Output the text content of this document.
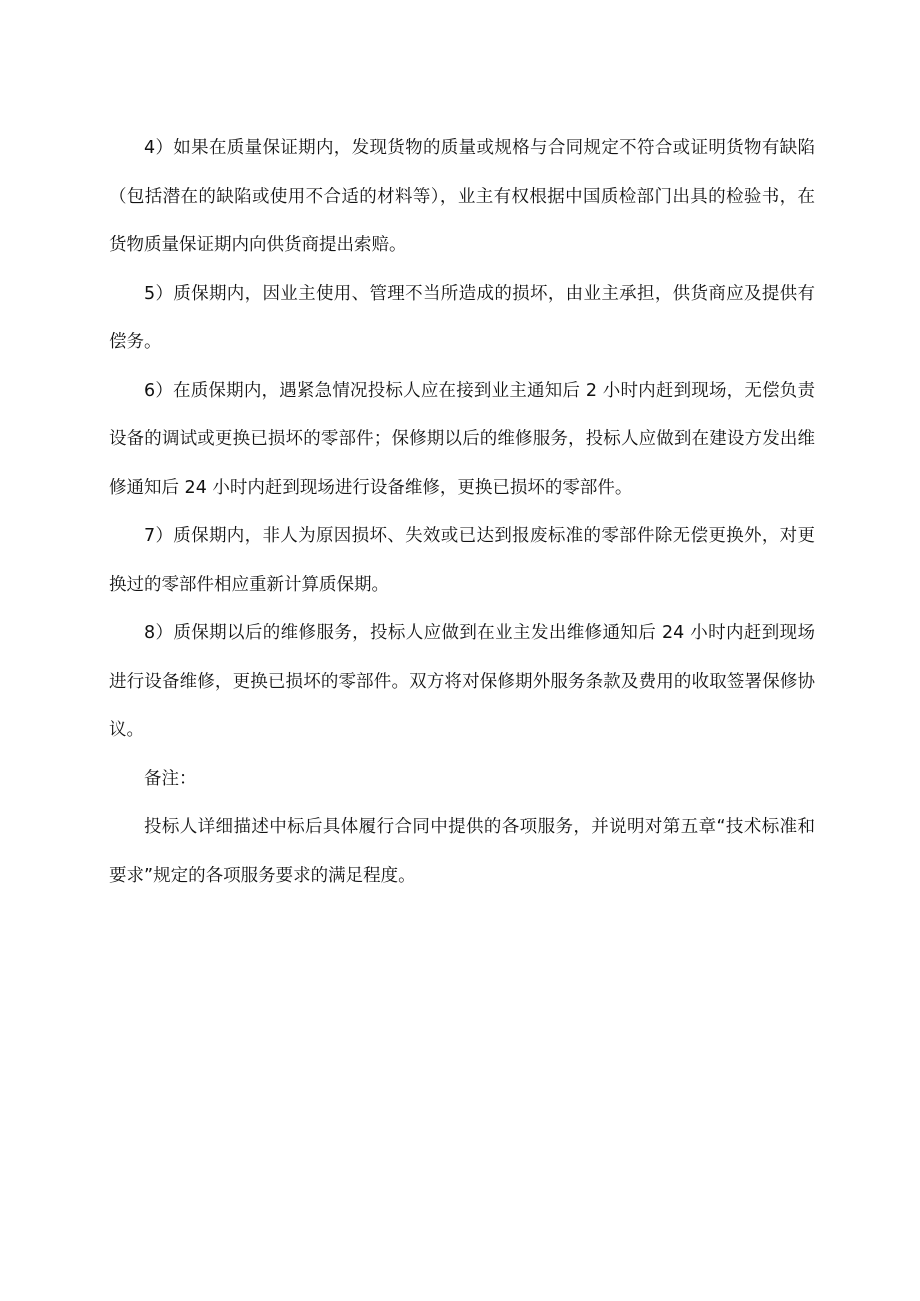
4）如果在质量保证期内，发现货物的质量或规格与合同规定不符合或证明货物有缺陷（包括潜在的缺陷或使用不合适的材料等），业主有权根据中国质检部门出具的检验书，在货物质量保证期内向供货商提出索赔。

5）质保期内，因业主使用、管理不当所造成的损坏，由业主承担，供货商应及提供有偿务。

6）在质保期内，遇紧急情况投标人应在接到业主通知后 2 小时内赶到现场，无偿负责设备的调试或更换已损坏的零部件；保修期以后的维修服务，投标人应做到在建设方发出维修通知后 24 小时内赶到现场进行设备维修，更换已损坏的零部件。

7）质保期内，非人为原因损坏、失效或已达到报废标准的零部件除无偿更换外，对更换过的零部件相应重新计算质保期。

8）质保期以后的维修服务，投标人应做到在业主发出维修通知后 24 小时内赶到现场进行设备维修，更换已损坏的零部件。双方将对保修期外服务条款及费用的收取签署保修协议。

备注：

投标人详细描述中标后具体履行合同中提供的各项服务，并说明对第五章“技术标准和要求”规定的各项服务要求的满足程度。
